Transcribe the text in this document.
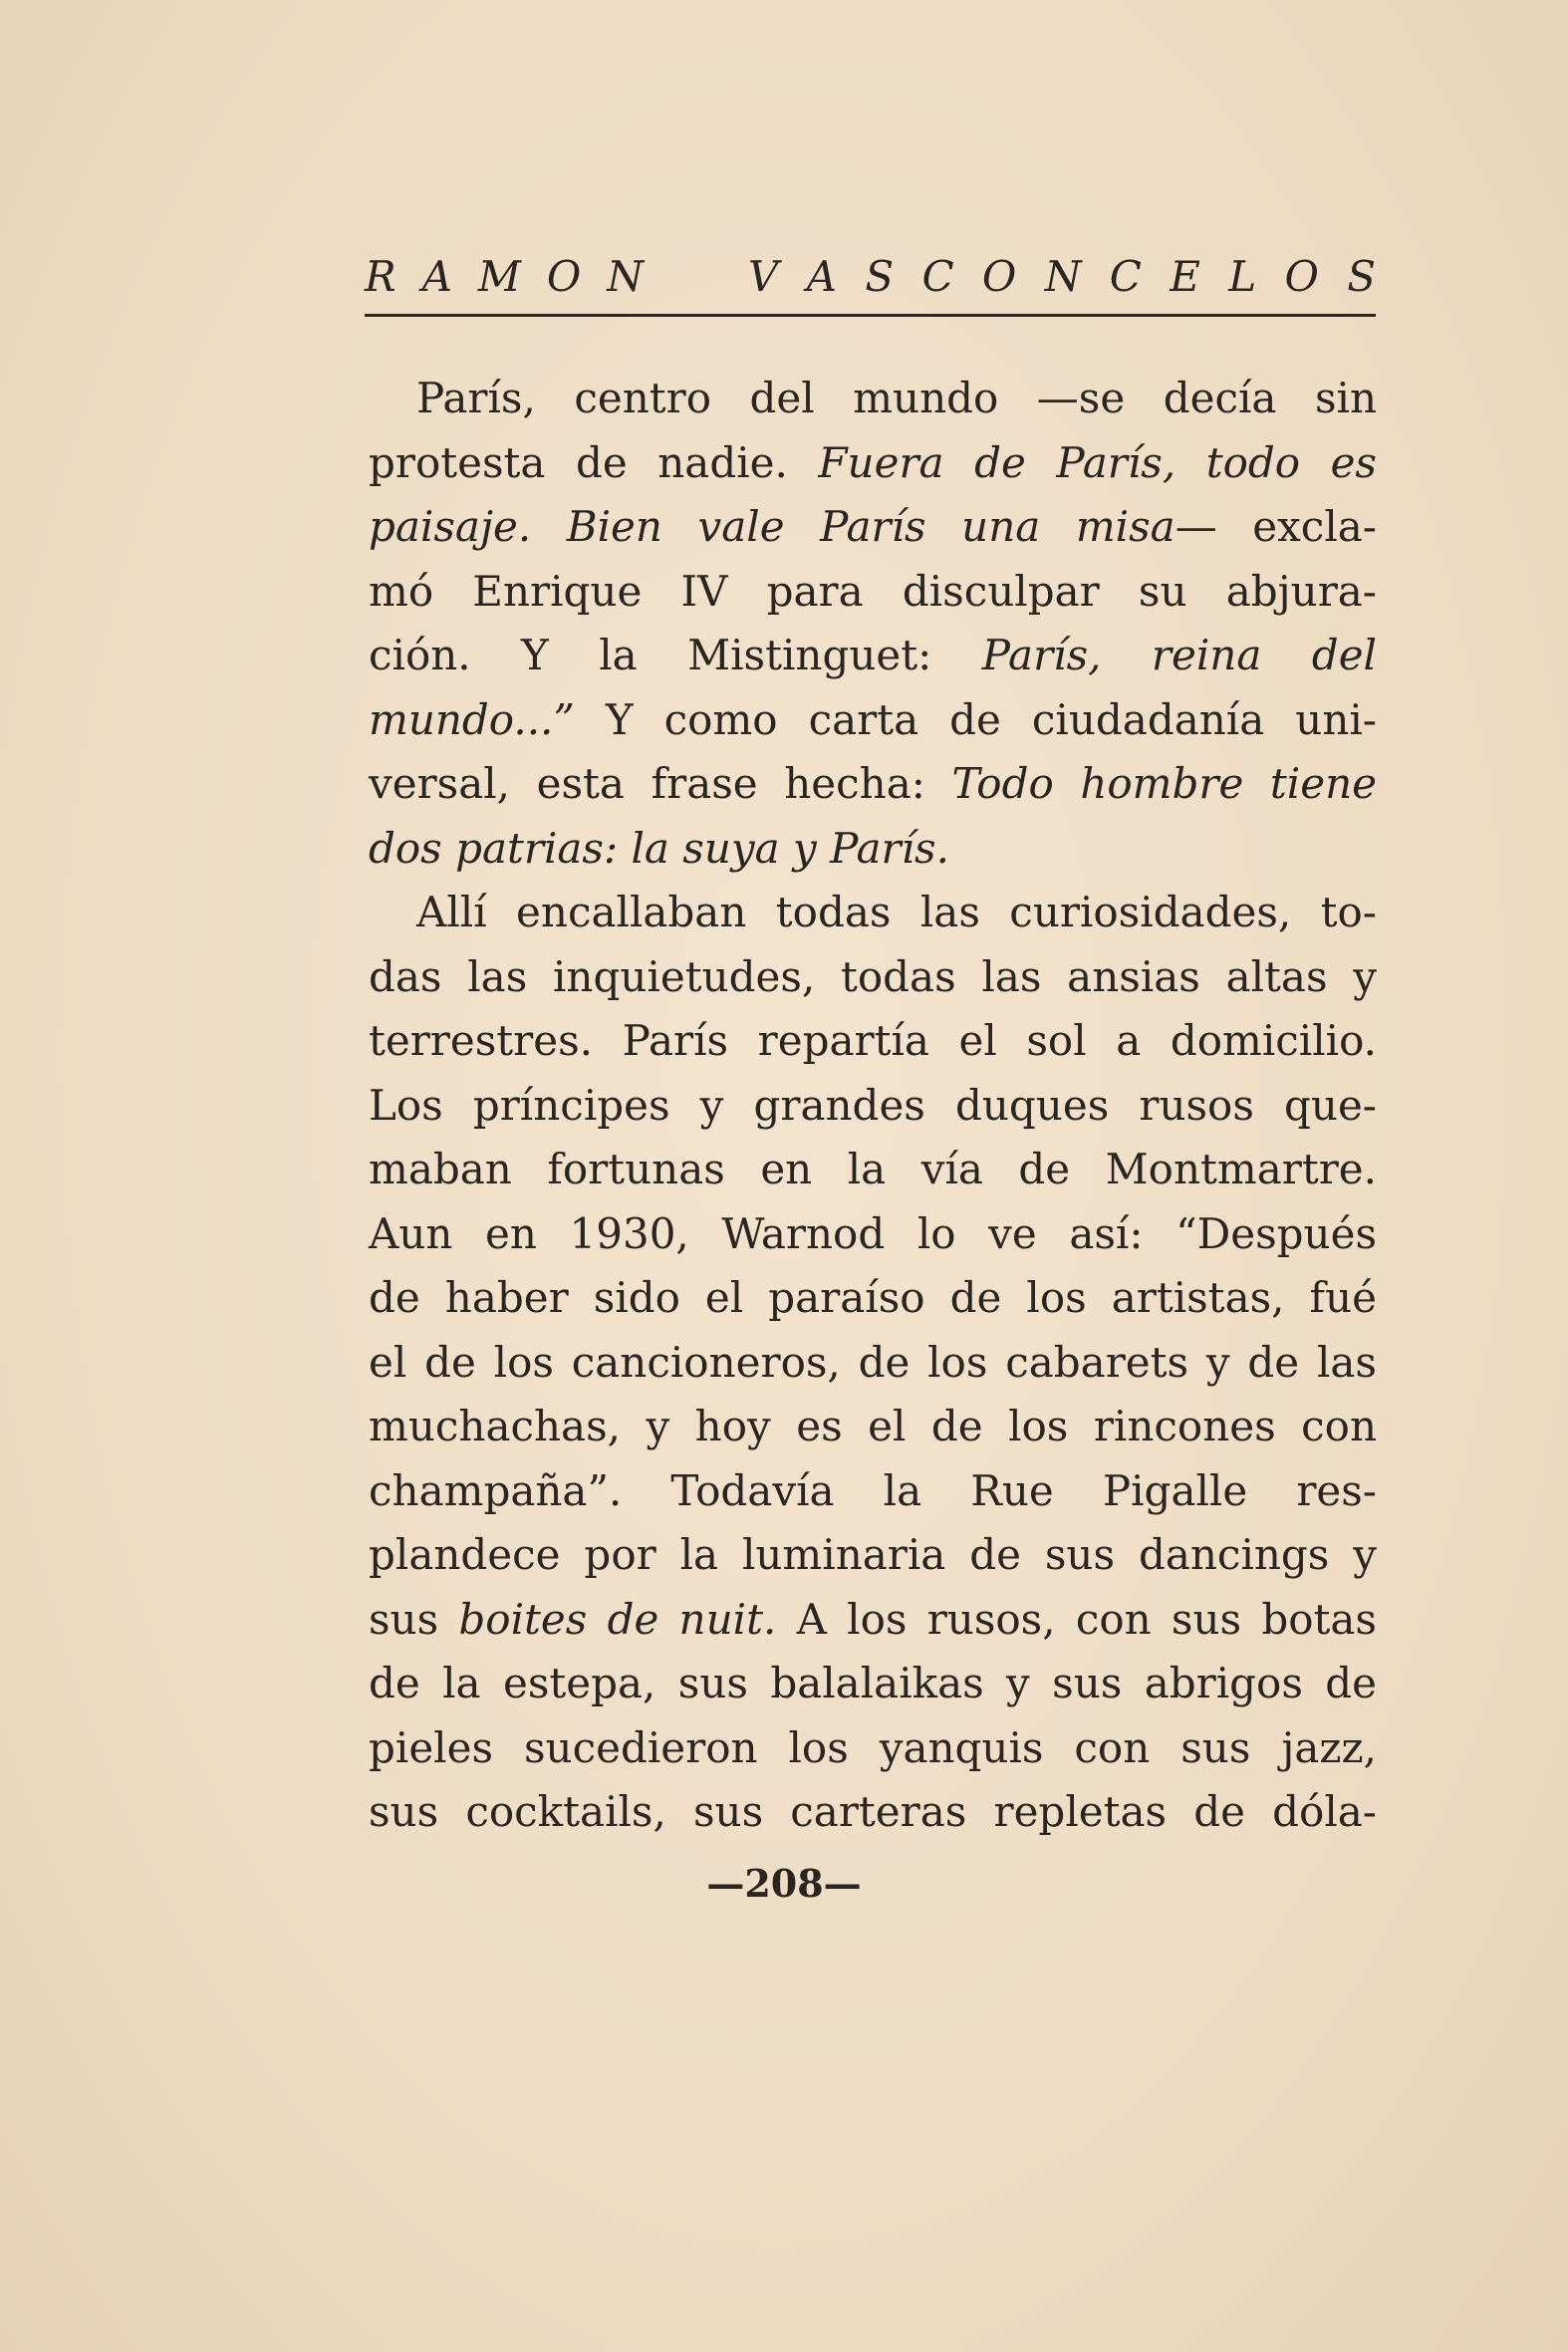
R A M O N	V A S C O N C E L O S
París, centro del mundo —se decía sin
protesta de nadie. Fuera de París, todo es
paisaje. Bien vale París una misa— excla-
mó Enrique IV para disculpar su abjura-
ción. Y la Mistinguet: París, reina del
mundo...” Y como carta de ciudadanía uni-
versal, esta frase hecha: Todo hombre tiene
dos patrias: la suya y París.
Allí encallaban todas las curiosidades, to-
das las inquietudes, todas las ansias altas y
terrestres. París repartía el sol a domicilio.
Los príncipes y grandes duques rusos que-
maban fortunas en la vía de Montmartre.
Aun en 1930, Warnod lo ve así: “Después
de haber sido el paraíso de los artistas, fué
el de los cancioneros, de los cabarets y de las
muchachas, y hoy es el de los rincones con
champaña”. Todavía la Rue Pigalle res-
plandece por la luminaria de sus dancings y
sus boites de nuit. A los rusos, con sus botas
de la estepa, sus balalaikas y sus abrigos de
pieles sucedieron los yanquis con sus jazz,
sus cocktails, sus carteras repletas de dóla-
—208—
